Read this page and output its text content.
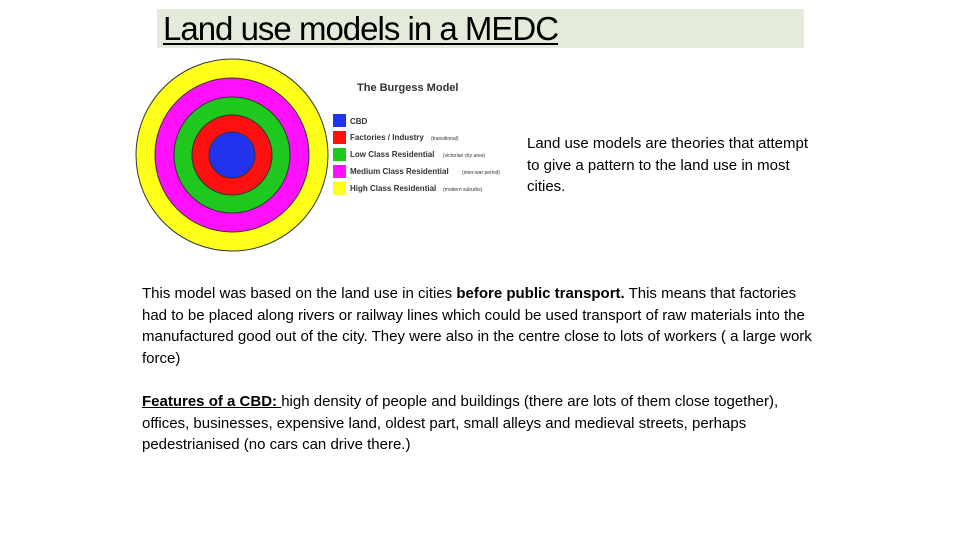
Land use models in a MEDC
The Burgess Model
CBD
Factories / Industry (transitional)
Low Class Residential (victorian city area)
Medium Class Residential	(inter-war period)
High Class Residential (modern suburbs)
Land use models are theories that attempt to give a pattern to the land use in most cities.
This model was based on the land use in cities before public transport. This means that factories had to be placed along rivers or railway lines which could be used transport of raw materials into the manufactured good out of the city. They were also in the centre close to lots of workers ( a large work force)
Features of a CBD: high density of people and buildings (there are lots of them close together), offices, businesses, expensive land, oldest part, small alleys and medieval streets, perhaps pedestrianised (no cars can drive there.)
